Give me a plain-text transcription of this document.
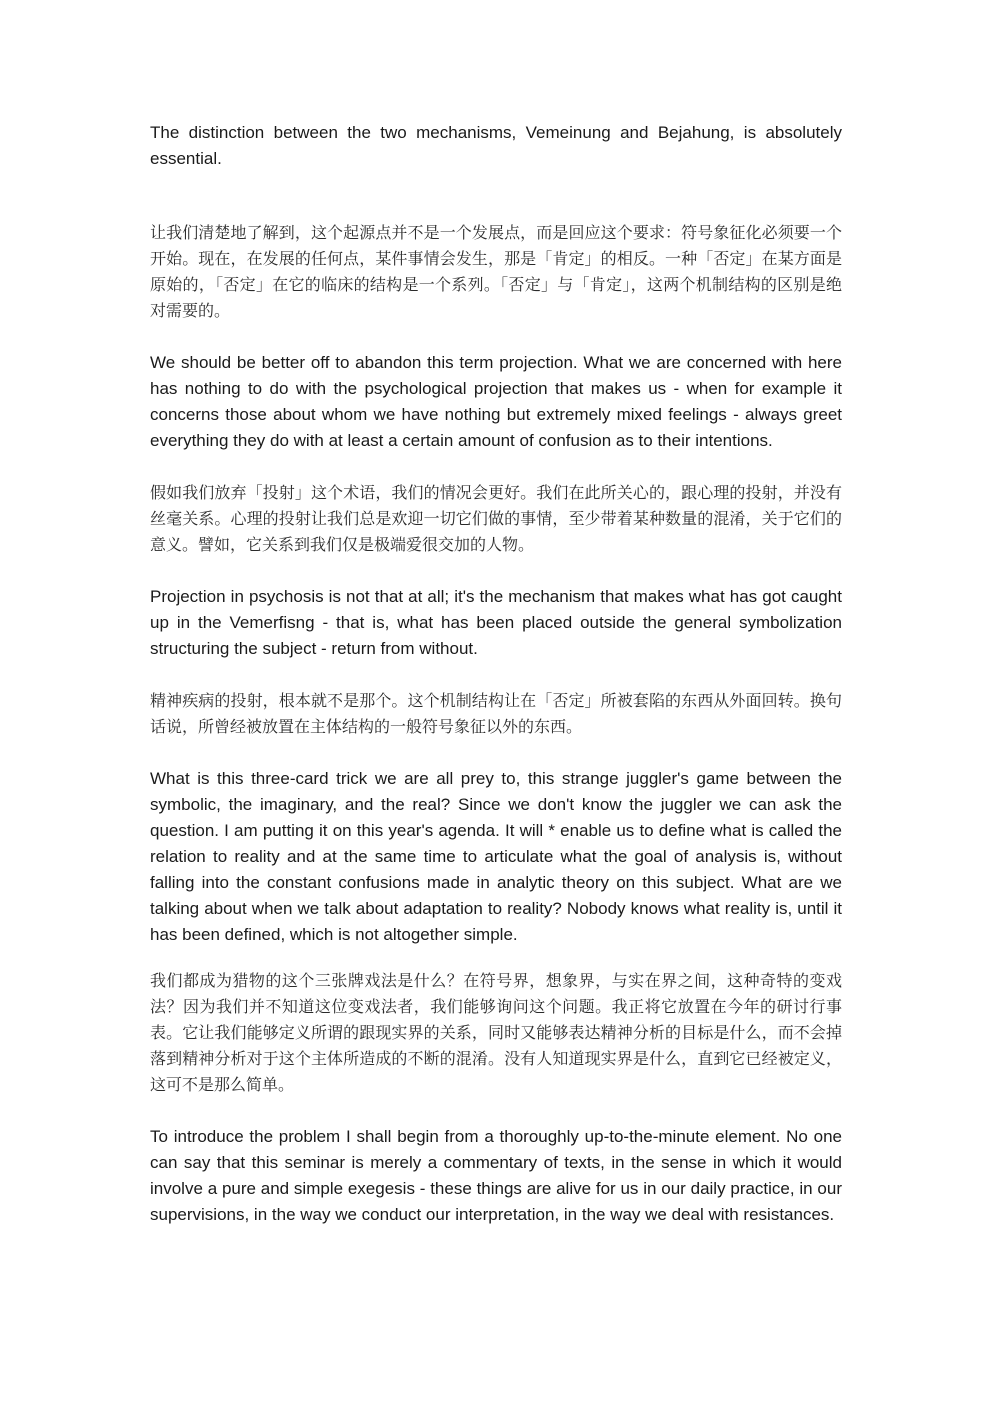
The distinction between the two mechanisms, Vemeinung and Bejahung, is absolutely essential.

让我们清楚地了解到，这个起源点并不是一个发展点，而是回应这个要求：符号象征化必须要一个开始。现在，在发展的任何点，某件事情会发生，那是「肯定」的相反。一种「否定」在某方面是原始的，「否定」在它的临床的结构是一个系列。「否定」与「肯定」，这两个机制结构的区别是绝对需要的。

We should be better off to abandon this term projection. What we are concerned with here has nothing to do with the psychological projection that makes us - when for example it concerns those about whom we have nothing but extremely mixed feelings - always greet everything they do with at least a certain amount of confusion as to their intentions.

假如我们放弃「投射」这个术语，我们的情况会更好。我们在此所关心的，跟心理的投射，并没有丝毫关系。心理的投射让我们总是欢迎一切它们做的事情，至少带着某种数量的混淆，关于它们的意义。譬如，它关系到我们仅是极端爱很交加的人物。

Projection in psychosis is not that at all; it's the mechanism that makes what has got caught up in the Vemerfisng - that is, what has been placed outside the general symbolization structuring the subject - return from without.

精神疾病的投射，根本就不是那个。这个机制结构让在「否定」所被套陷的东西从外面回转。换句话说，所曾经被放置在主体结构的一般符号象征以外的东西。

What is this three-card trick we are all prey to, this strange juggler's game between the symbolic, the imaginary, and the real? Since we don't know the juggler we can ask the question. I am putting it on this year's agenda. It will * enable us to define what is called the relation to reality and at the same time to articulate what the goal of analysis is, without falling into the constant confusions made in analytic theory on this subject. What are we talking about when we talk about adaptation to reality? Nobody knows what reality is, until it has been defined, which is not altogether simple.

我们都成为猎物的这个三张牌戏法是什么？在符号界，想象界，与实在界之间，这种奇特的变戏法？因为我们并不知道这位变戏法者，我们能够询问这个问题。我正将它放置在今年的研讨行事表。它让我们能够定义所谓的跟现实界的关系，同时又能够表达精神分析的目标是什么，而不会掉落到精神分析对于这个主体所造成的不断的混淆。没有人知道现实界是什么，直到它已经被定义，这可不是那么简单。

To introduce the problem I shall begin from a thoroughly up-to-the-minute element. No one can say that this seminar is merely a commentary of texts, in the sense in which it would involve a pure and simple exegesis - these things are alive for us in our daily practice, in our supervisions, in the way we conduct our interpretation, in the way we deal with resistances.
